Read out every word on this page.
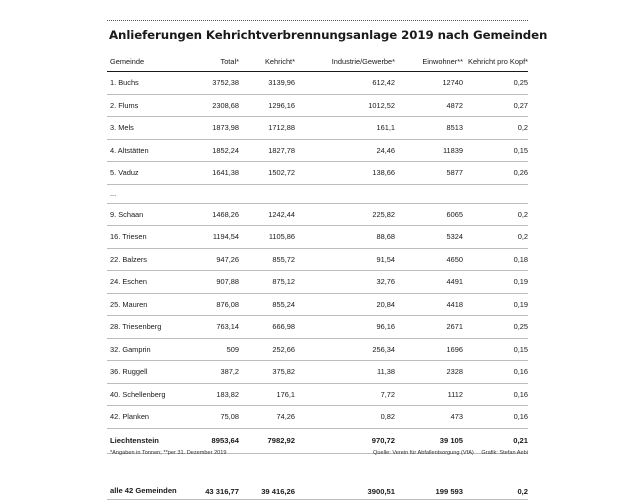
Anlieferungen Kehrichtverbrennungsanlage 2019 nach Gemeinden
Gemeinde	Total*	Kehricht*	Industrie/Gewerbe*	Einwohner**	Kehricht pro Kopf*
1. Buchs	3752,38	3139,96	612,42	12740	0,25
2. Flums	2308,68	1296,16	1012,52	4872	0,27
3. Mels	1873,98	1712,88	161,1	8513	0,2
4. Altstätten	1852,24	1827,78	24,46	11839	0,15
5. Vaduz	1641,38	1502,72	138,66	5877	0,26
...					
9. Schaan	1468,26	1242,44	225,82	6065	0,2
16. Triesen	1194,54	1105,86	88,68	5324	0,2
22. Balzers	947,26	855,72	91,54	4650	0,18
24. Eschen	907,88	875,12	32,76	4491	0,19
25. Mauren	876,08	855,24	20,84	4418	0,19
28. Triesenberg	763,14	666,98	96,16	2671	0,25
32. Gamprin	509	252,66	256,34	1696	0,15
36. Ruggell	387,2	375,82	11,38	2328	0,16
40. Schellenberg	183,82	176,1	7,72	1112	0,16
42. Planken	75,08	74,26	0,82	473	0,16
Liechtenstein	8953,64	7982,92	970,72	39 105	0,21

alle 42 Gemeinden	43 316,77	39 416,26	3900,51	199 593	0,2
*Angaben in Tonnen; **per 31. Dezember 2019	Quelle: Verein für Abfallentsorgung (VfA) Grafik: Stefan Aebi
